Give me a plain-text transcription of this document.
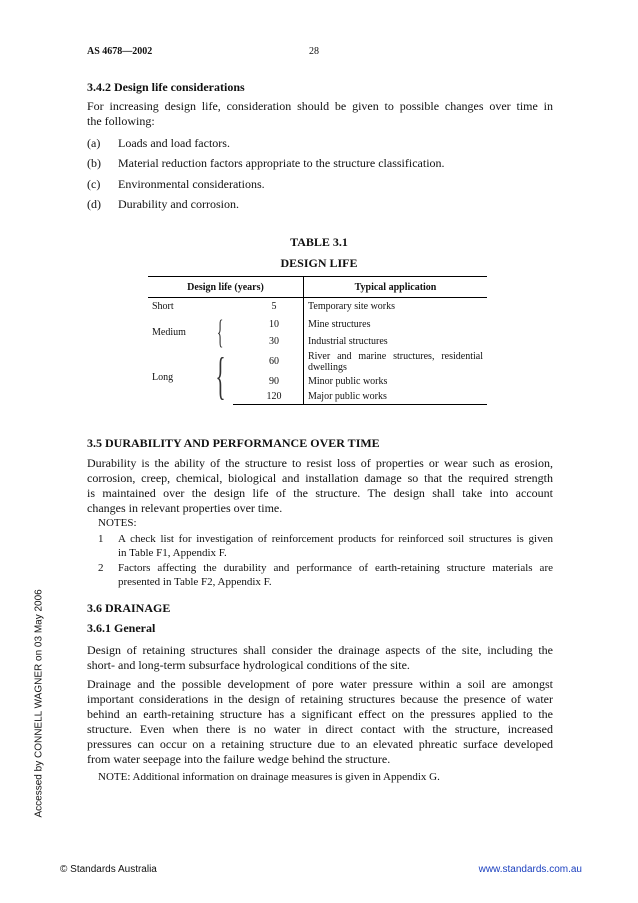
AS 4678—2002	28
3.4.2 Design life considerations
For increasing design life, consideration should be given to possible changes over time in
the following:
(a) Loads and load factors.
(b) Material reduction factors appropriate to the structure classification.
(c) Environmental considerations.
(d) Durability and corrosion.
TABLE 3.1
DESIGN LIFE
Design life (years)			Typical application
Short		5	Temporary site works
Medium	{	10	Mine structures
		30	Industrial structures
Long	{	60	River and marine structures, residential
dwellings

		90	Minor public works
		120	Major public works
3.5 DURABILITY AND PERFORMANCE OVER TIME
Durability is the ability of the structure to resist loss of properties or wear such as erosion,
corrosion, creep, chemical, biological and installation damage so that the required strength
is maintained over the design life of the structure. The design shall take into account
changes in relevant properties over time.
NOTES:
1 A check list for investigation of reinforcement products for reinforced soil structures is given
in Table F1, Appendix F.
2 Factors affecting the durability and performance of earth-retaining structure materials are
presented in Table F2, Appendix F.
3.6 DRAINAGE
3.6.1 General
Design of retaining structures shall consider the drainage aspects of the site, including the
short- and long-term subsurface hydrological conditions of the site.
Drainage and the possible development of pore water pressure within a soil are amongst
important considerations in the design of retaining structures because the presence of water
behind an earth-retaining structure has a significant effect on the pressures applied to the
structure. Even when there is no water in direct contact with the structure, increased
pressures can occur on a retaining structure due to an elevated phreatic surface developed
from water seepage into the failure wedge behind the structure.
NOTE: Additional information on drainage measures is given in Appendix G.
Accessed by CONNELL WAGNER on 03 May 2006
© Standards Australia	www.standards.com.au
